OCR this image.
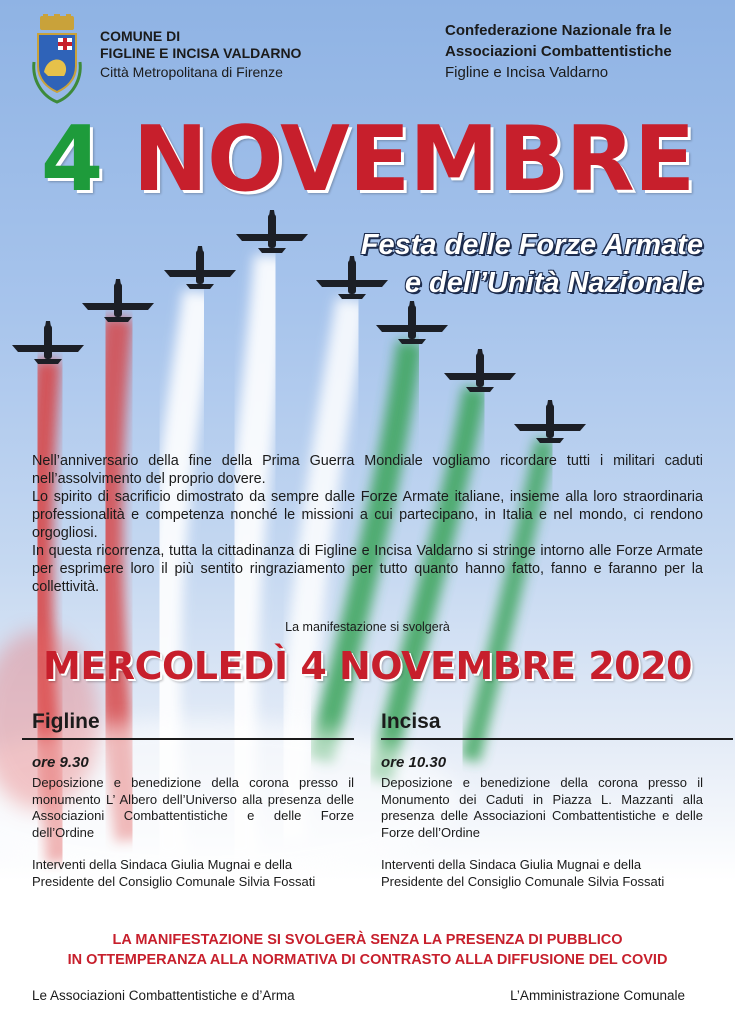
COMUNE DI
FIGLINE E INCISA VALDARNO
Città Metropolitana di Firenze
Confederazione Nazionale fra le
Associazioni Combattentistiche
Figline e Incisa Valdarno
4 NOVEMBRE
Festa delle Forze Armate
e dell’Unità Nazionale

Nell’anniversario della fine della Prima Guerra Mondiale vogliamo ricordare tutti i militari caduti nell’assolvimento del proprio dovere.

Lo spirito di sacrificio dimostrato da sempre dalle Forze Armate italiane, insieme alla loro straordinaria professionalità e competenza nonché le missioni a cui partecipano, in Italia e nel mondo, ci rendono orgogliosi.

In questa ricorrenza, tutta la cittadinanza di Figline e Incisa Valdarno si stringe intorno alle Forze Armate per esprimere loro il più sentito ringraziamento per tutto quanto hanno fatto, fanno e faranno per la collettività.

La manifestazione si svolgerà
MERCOLEDÌ 4 NOVEMBRE 2020
Figline
ore 9.30
Deposizione e benedizione della corona presso il monumento L’ Albero dell’Universo alla presenza delle Associazioni Combattentistiche e delle Forze dell’Ordine
Interventi della Sindaca Giulia Mugnai e della Presidente del Consiglio Comunale Silvia Fossati
Incisa
ore 10.30
Deposizione e benedizione della corona presso il Monumento dei Caduti in Piazza L. Mazzanti alla presenza delle Associazioni Combattentistiche e delle Forze dell’Ordine
Interventi della Sindaca Giulia Mugnai e della Presidente del Consiglio Comunale Silvia Fossati
LA MANIFESTAZIONE SI SVOLGERÀ SENZA LA PRESENZA DI PUBBLICO
IN OTTEMPERANZA ALLA NORMATIVA DI CONTRASTO ALLA DIFFUSIONE DEL COVID
Le Associazioni Combattentistiche e d’Arma	L’Amministrazione Comunale
